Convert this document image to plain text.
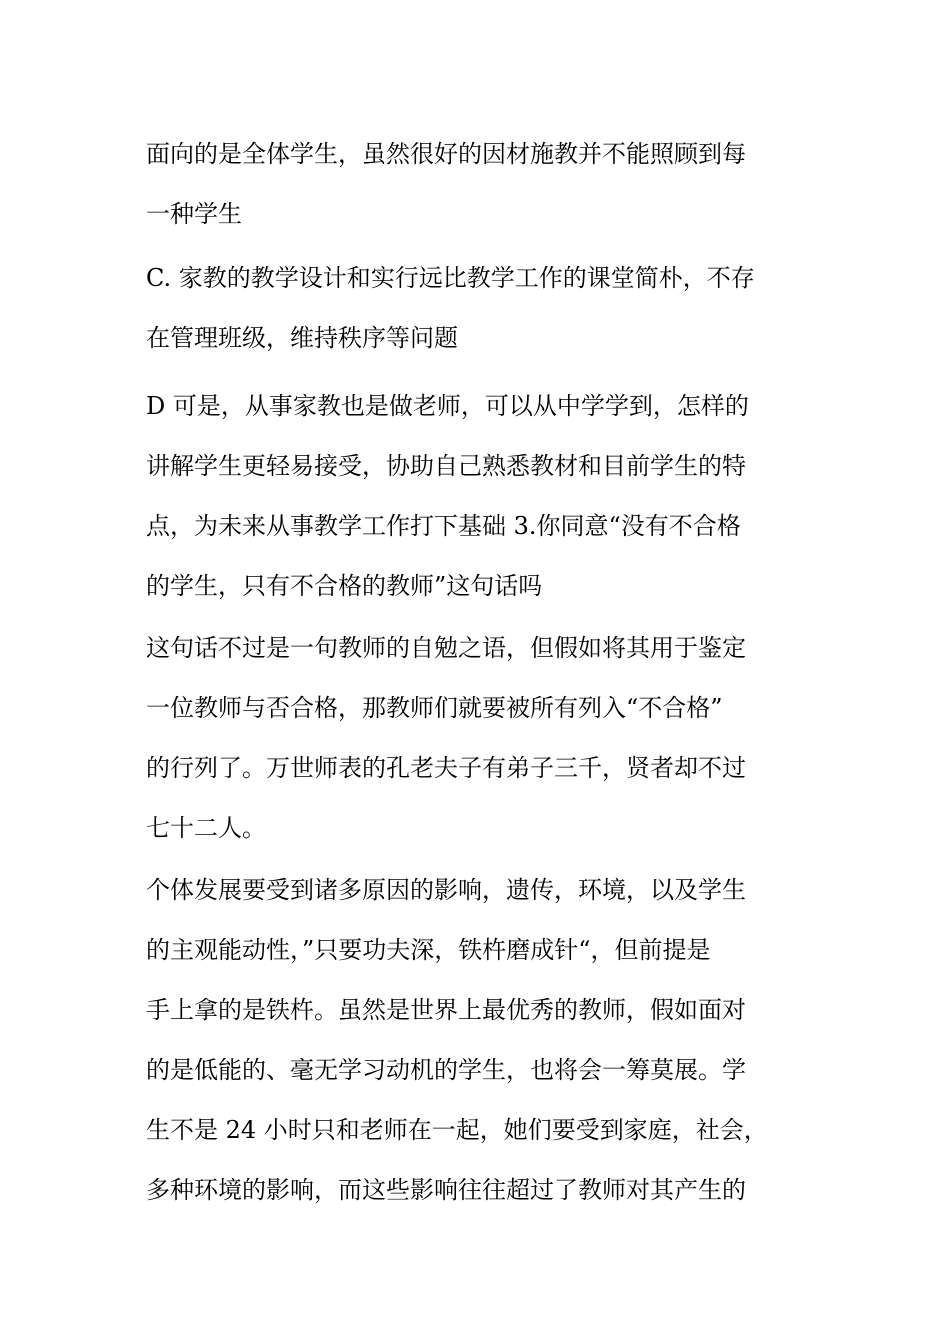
面向的是全体学生，虽然很好的因材施教并不能照顾到每
一种学生
C. 家教的教学设计和实行远比教学工作的课堂简朴，不存
在管理班级，维持秩序等问题
D 可是，从事家教也是做老师，可以从中学学到，怎样的
讲解学生更轻易接受，协助自己熟悉教材和目前学生的特
点，为未来从事教学工作打下基础 3.你同意“没有不合格
的学生，只有不合格的教师”这句话吗
这句话不过是一句教师的自勉之语，但假如将其用于鉴定
一位教师与否合格，那教师们就要被所有列入“不合格”
的行列了。万世师表的孔老夫子有弟子三千，贤者却不过
七十二人。
个体发展要受到诸多原因的影响，遗传，环境，以及学生
的主观能动性，”只要功夫深，铁杵磨成针“，但前提是
手上拿的是铁杵。虽然是世界上最优秀的教师，假如面对
的是低能的、毫无学习动机的学生，也将会一筹莫展。学
生不是 24 小时只和老师在一起，她们要受到家庭，社会，
多种环境的影响，而这些影响往往超过了教师对其产生的
